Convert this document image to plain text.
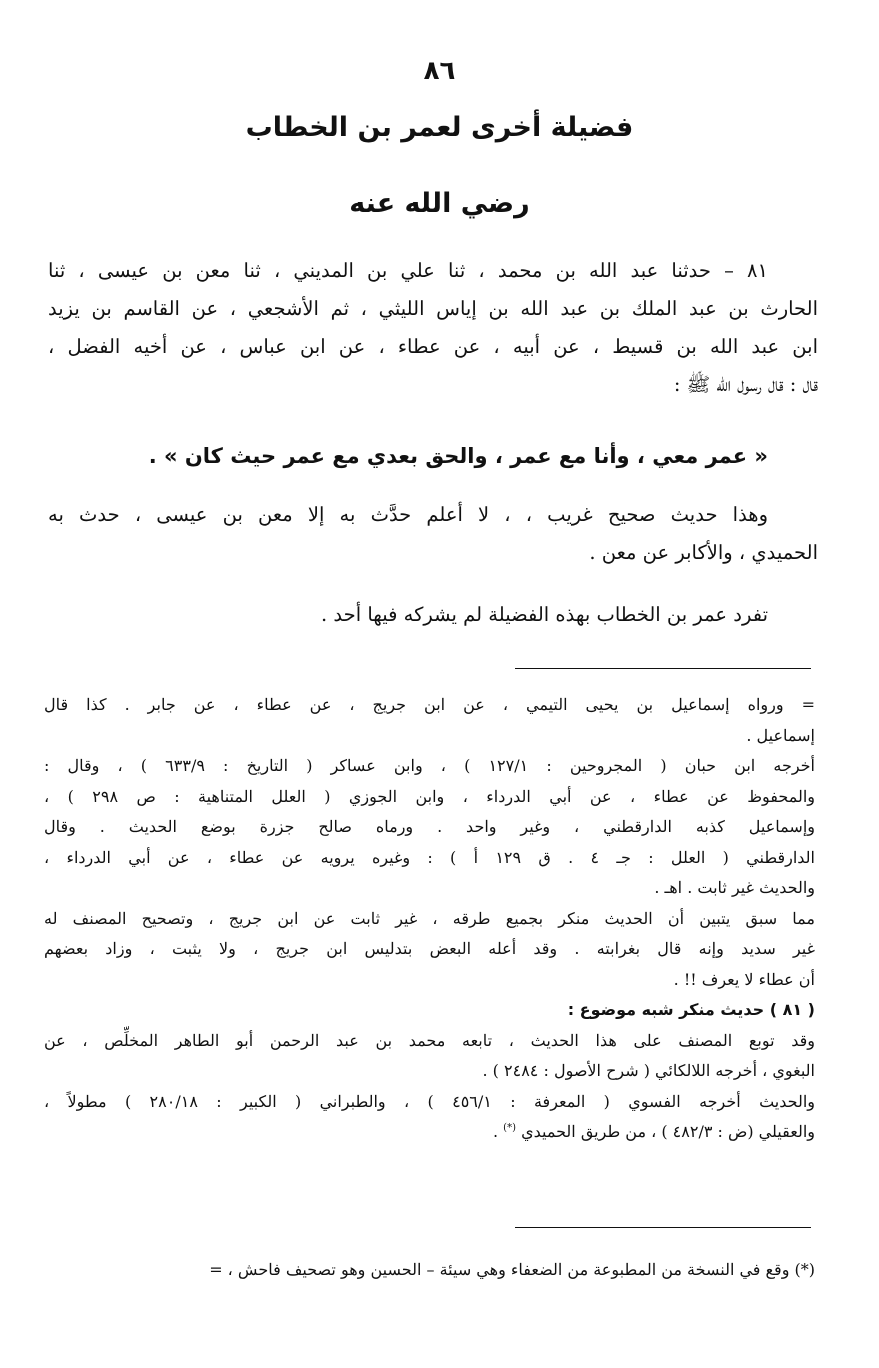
٨٦
فضيلة أخرى لعمر بن الخطاب
رضي الله عنه
٨١ – حدثنا عبد الله بن محمد ، ثنا علي بن المديني ، ثنا معن بن عيسى ، ثنا
الحارث بن عبد الملك بن عبد الله بن إياس الليثي ، ثم الأشجعي ، عن القاسم بن يزيد
ابن عبد الله بن قسيط ، عن أبيه ، عن عطاء ، عن ابن عباس ، عن أخيه الفضل ،
قال : قال رسول الله ﷺ :
« عمر معي ، وأنا مع عمر ، والحق بعدي مع عمر حيث كان » .
وهذا حديث صحيح غريب ، ، لا أعلم حدَّث به إلا معن بن عيسى ، حدث به
الحميدي ، والأكابر عن معن .
تفرد عمر بن الخطاب بهذه الفضيلة لم يشركه فيها أحد .
= ورواه إسماعيل بن يحيى التيمي ، عن ابن جريج ، عن عطاء ، عن جابر . كذا قال
إسماعيل .
أخرجه ابن حبان ( المجروحين : ١٢٧/١ ) ، وابن عساكر ( التاريخ : ٦٣٣/٩ ) ، وقال :
والمحفوظ عن عطاء ، عن أبي الدرداء ، وابن الجوزي ( العلل المتناهية : ص ٢٩٨ ) ،
وإسماعيل كذبه الدارقطني ، وغير واحد . ورماه صالح جزرة بوضع الحديث . وقال
الدارقطني ( العلل : جـ ٤ . ق ١٢٩ أ ) : وغيره يرويه عن عطاء ، عن أبي الدرداء ،
والحديث غير ثابت . اهـ .
مما سبق يتبين أن الحديث منكر بجميع طرقه ، غير ثابت عن ابن جريج ، وتصحيح المصنف له
غير سديد وإنه قال بغرابته . وقد أعله البعض بتدليس ابن جريج ، ولا يثبت ، وزاد بعضهم
أن عطاء لا يعرف !! .
( ٨١ ) حديث منكر شبه موضوع :
وقد توبع المصنف على هذا الحديث ، تابعه محمد بن عبد الرحمن أبو الطاهر المخلِّص ، عن
البغوي ، أخرجه اللالكائي ( شرح الأصول : ٢٤٨٤ ) .
والحديث أخرجه الفسوي ( المعرفة : ٤٥٦/١ ) ، والطبراني ( الكبير : ٢٨٠/١٨ ) مطولاً ،
والعقيلي (ض : ٤٨٢/٣ ) ، من طريق الحميدي (*) .
(*) وقع في النسخة من المطبوعة من الضعفاء وهي سيئة – الحسين وهو تصحيف فاحش ، =
